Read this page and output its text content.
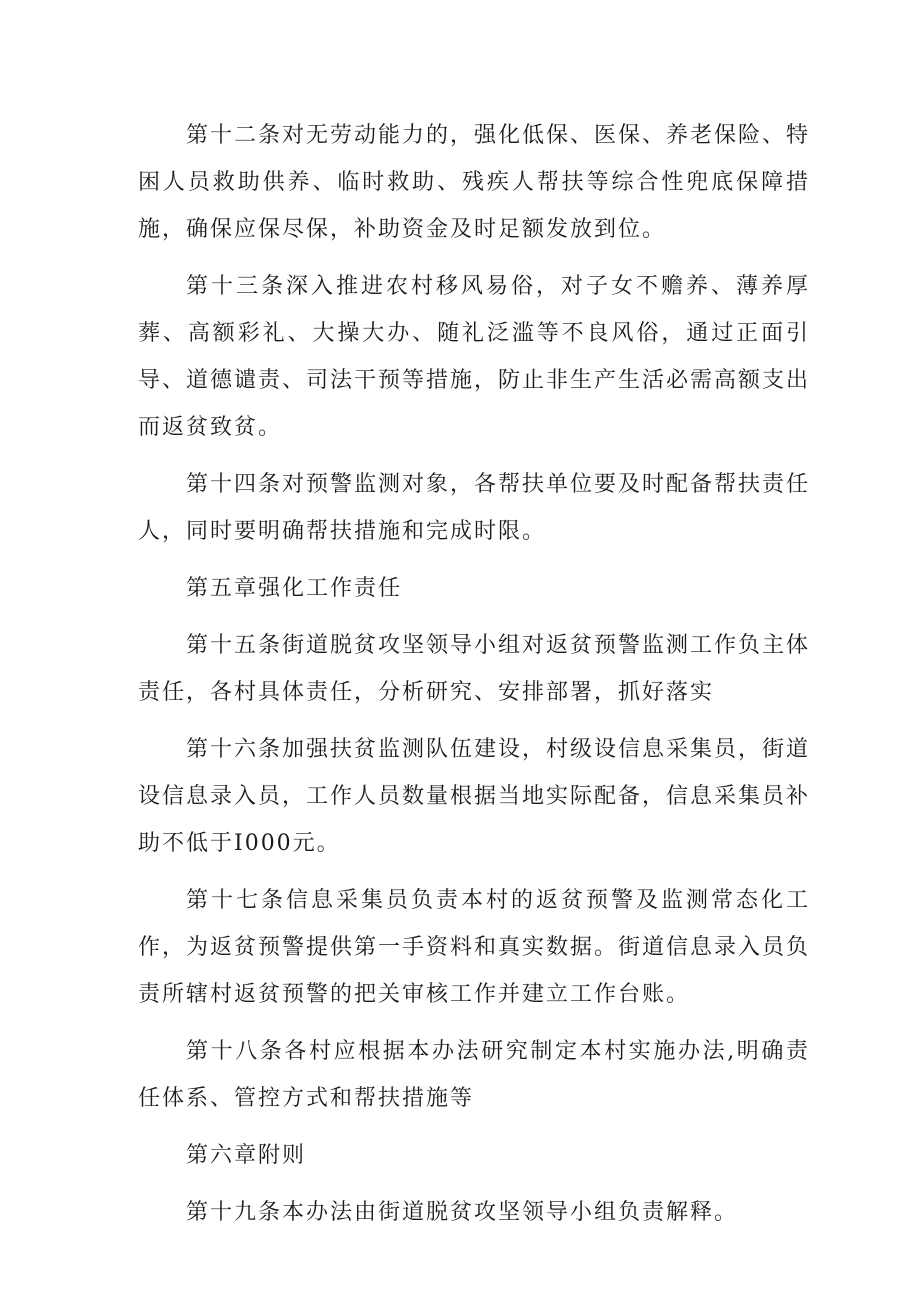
第十二条对无劳动能力的，强化低保、医保、养老保险、特困人员救助供养、临时救助、残疾人帮扶等综合性兜底保障措施，确保应保尽保，补助资金及时足额发放到位。

第十三条深入推进农村移风易俗，对子女不赡养、薄养厚葬、高额彩礼、大操大办、随礼泛滥等不良风俗，通过正面引导、道德谴责、司法干预等措施，防止非生产生活必需高额支出而返贫致贫。

第十四条对预警监测对象，各帮扶单位要及时配备帮扶责任人，同时要明确帮扶措施和完成时限。

第五章强化工作责任

第十五条街道脱贫攻坚领导小组对返贫预警监测工作负主体责任，各村具体责任，分析研究、安排部署，抓好落实

第十六条加强扶贫监测队伍建设，村级设信息采集员，街道设信息录入员，工作人员数量根据当地实际配备，信息采集员补助不低于I000元。

第十七条信息采集员负责本村的返贫预警及监测常态化工作，为返贫预警提供第一手资料和真实数据。街道信息录入员负责所辖村返贫预警的把关审核工作并建立工作台账。

第十八条各村应根据本办法研究制定本村实施办法,明确责任体系、管控方式和帮扶措施等

第六章附则

第十九条本办法由街道脱贫攻坚领导小组负责解释。
